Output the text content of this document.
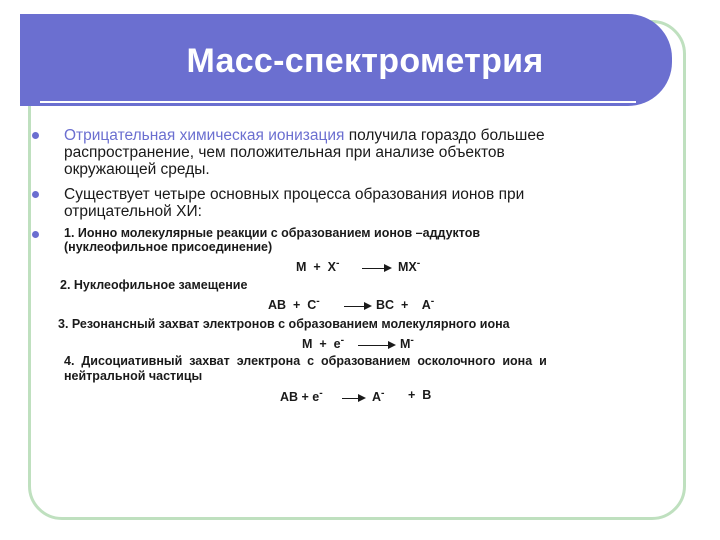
Масс-спектрометрия
Отрицательная химическая ионизация получила гораздо большее
распространение, чем положительная при анализе объектов
окружающей среды.
Существует четыре основных процесса образования ионов при
отрицательной ХИ:
1. Ионно молекулярные реакции с образованием ионов –аддуктов
(нуклеофильное присоединение)
M  +  X-	MX-
2. Нуклеофильное замещение
AB  +  C-	BC  +    A-
3. Резонансный захват электронов с образованием молекулярного иона
M  +  e-	M-
4.  Дисоциативный  захват  электрона  с  образованием  осколочного  иона  и
нейтральной частицы
AB + e-	A- +  B
